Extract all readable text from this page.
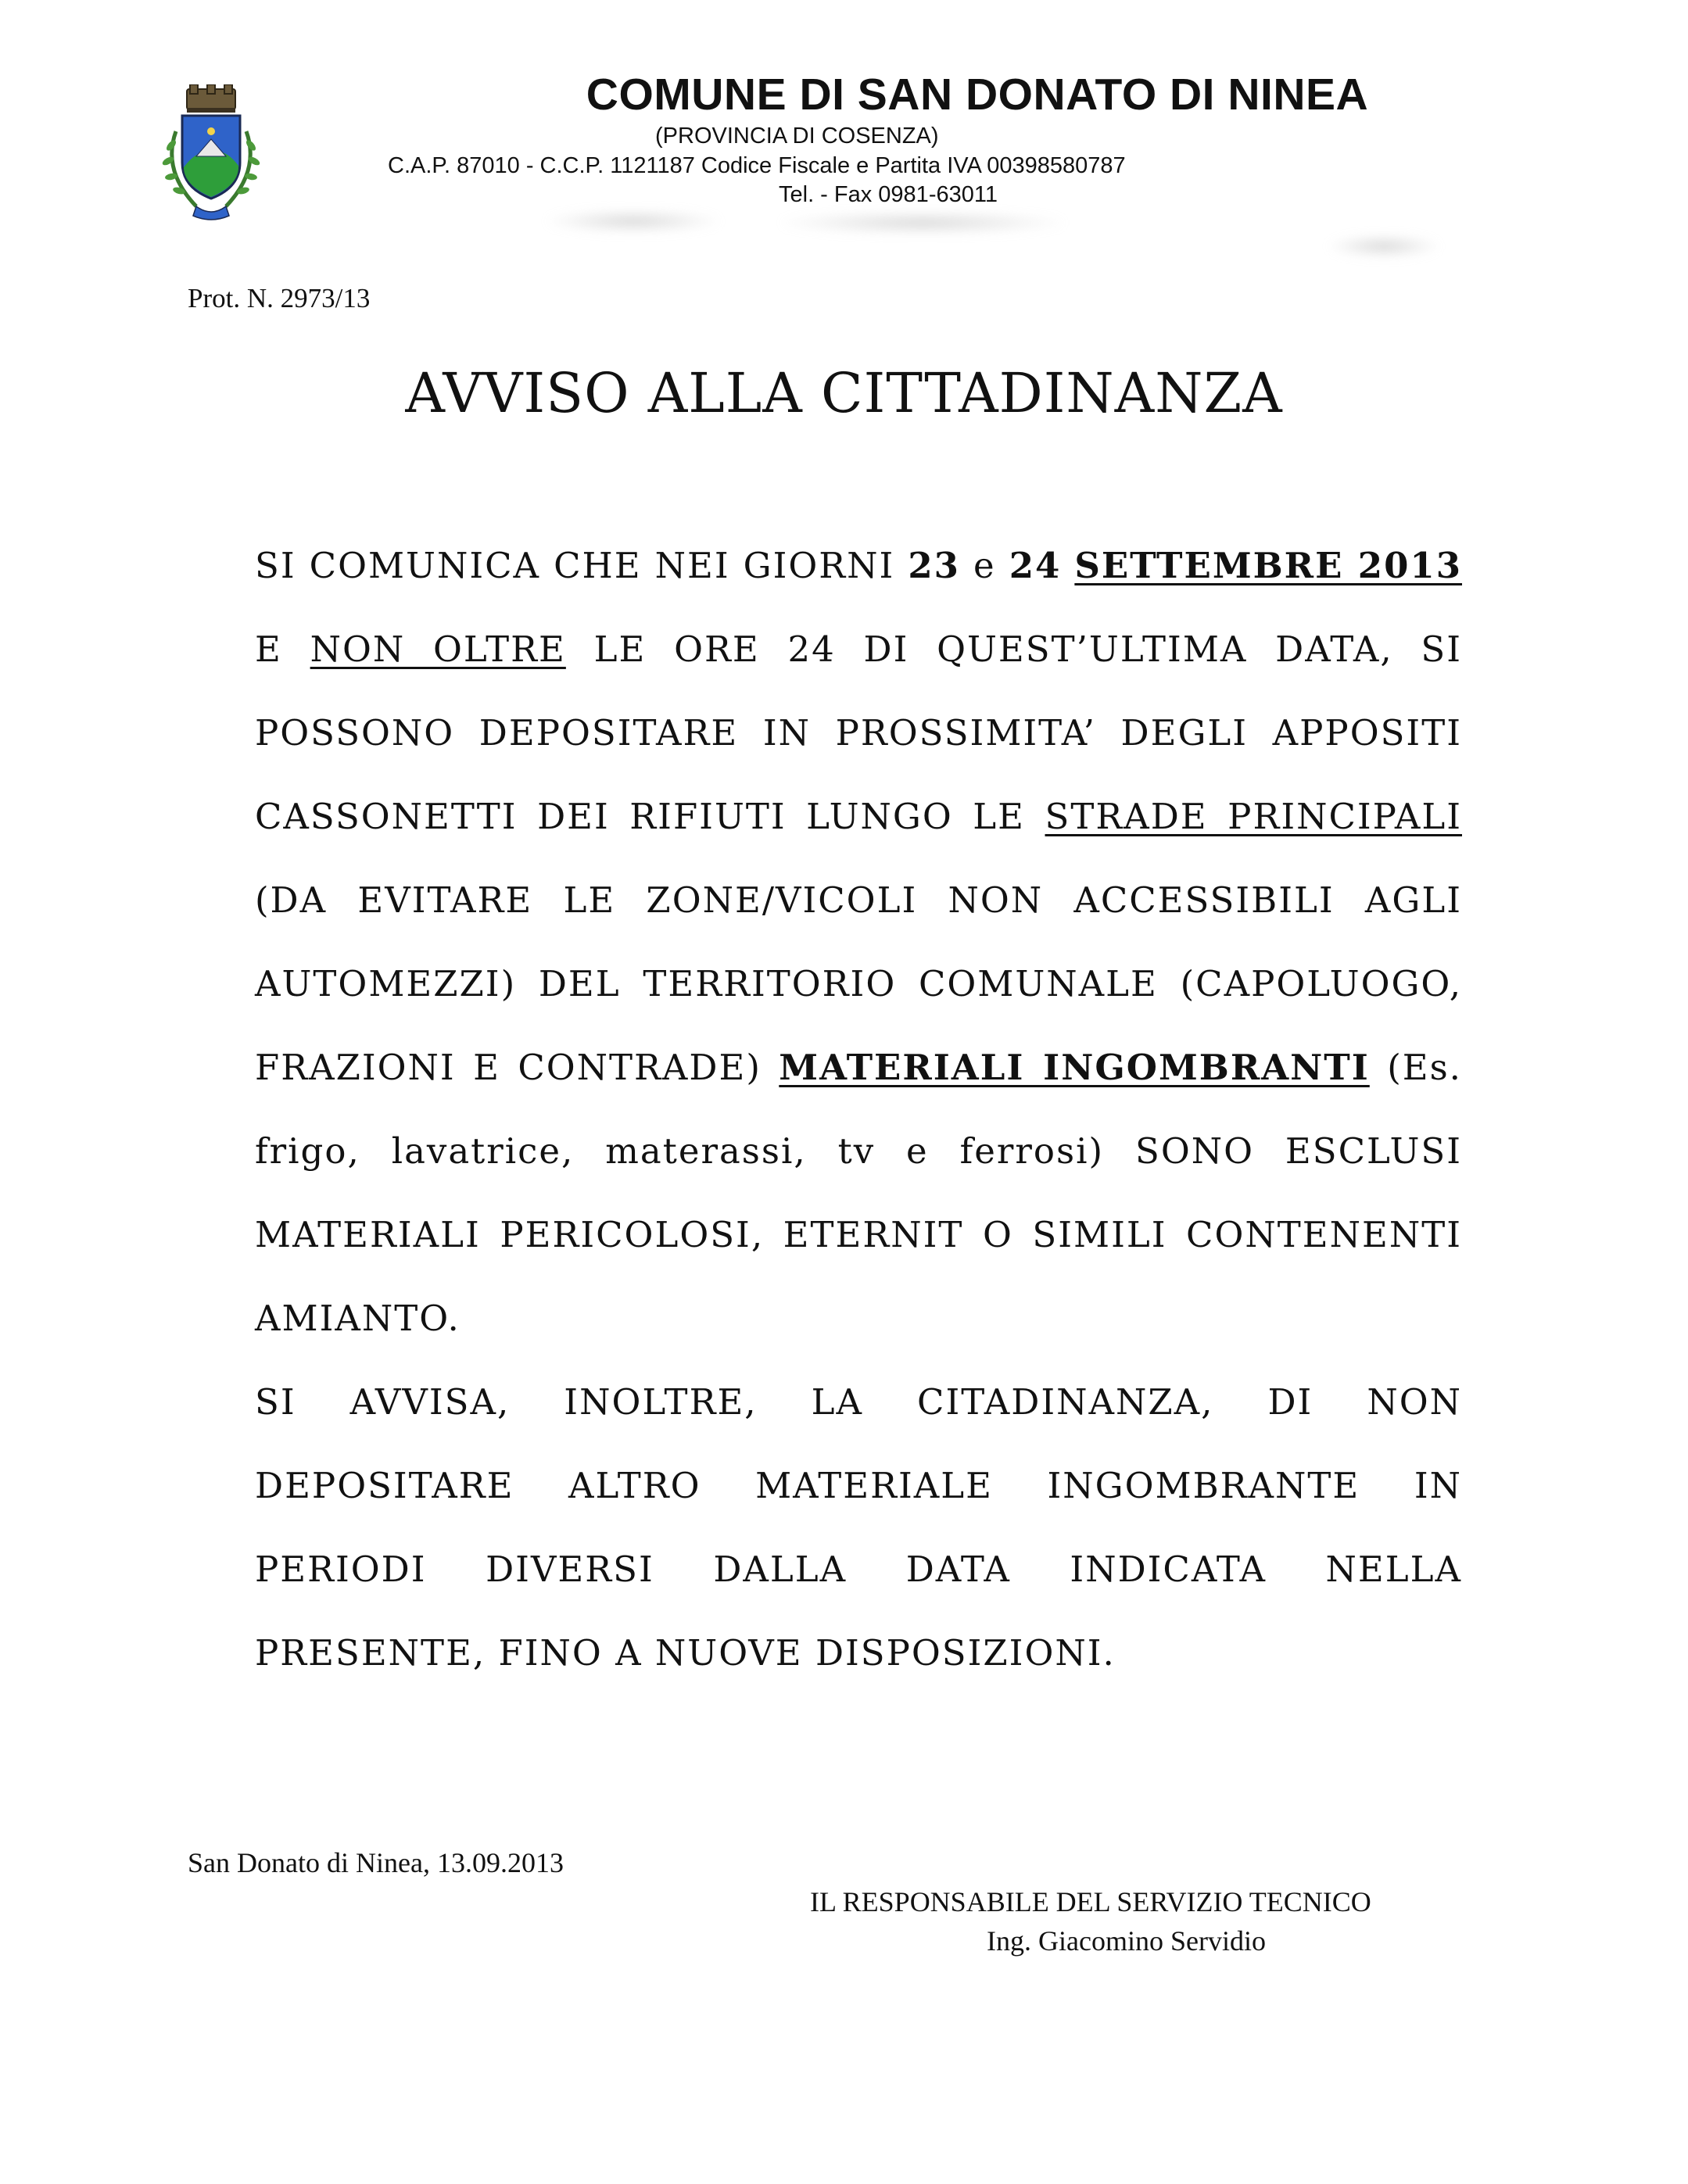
COMUNE DI SAN DONATO DI NINEA
(PROVINCIA DI COSENZA)
C.A.P. 87010 - C.C.P. 1121187 Codice Fiscale e Partita IVA 00398580787
Tel. - Fax 0981-63011
Prot. N. 2973/13
AVVISO ALLA CITTADINANZA

SI COMUNICA CHE NEI GIORNI 23 e 24 SETTEMBRE 2013 E NON OLTRE LE ORE 24 DI QUEST’ULTIMA DATA, SI POSSONO DEPOSITARE IN PROSSIMITA’ DEGLI APPOSITI CASSONETTI DEI RIFIUTI LUNGO LE STRADE PRINCIPALI (DA EVITARE LE ZONE/VICOLI NON ACCESSIBILI AGLI AUTOMEZZI) DEL TERRITORIO COMUNALE (CAPOLUOGO, FRAZIONI E CONTRADE) MATERIALI INGOMBRANTI (Es. frigo, lavatrice, materassi, tv e ferrosi) SONO ESCLUSI MATERIALI PERICOLOSI, ETERNIT O SIMILI CONTENENTI AMIANTO.

SI AVVISA, INOLTRE, LA CITADINANZA, DI NON DEPOSITARE ALTRO MATERIALE INGOMBRANTE IN PERIODI DIVERSI DALLA DATA INDICATA NELLA PRESENTE, FINO A NUOVE DISPOSIZIONI.

San Donato di Ninea, 13.09.2013
IL RESPONSABILE DEL SERVIZIO TECNICO
Ing. Giacomino Servidio
